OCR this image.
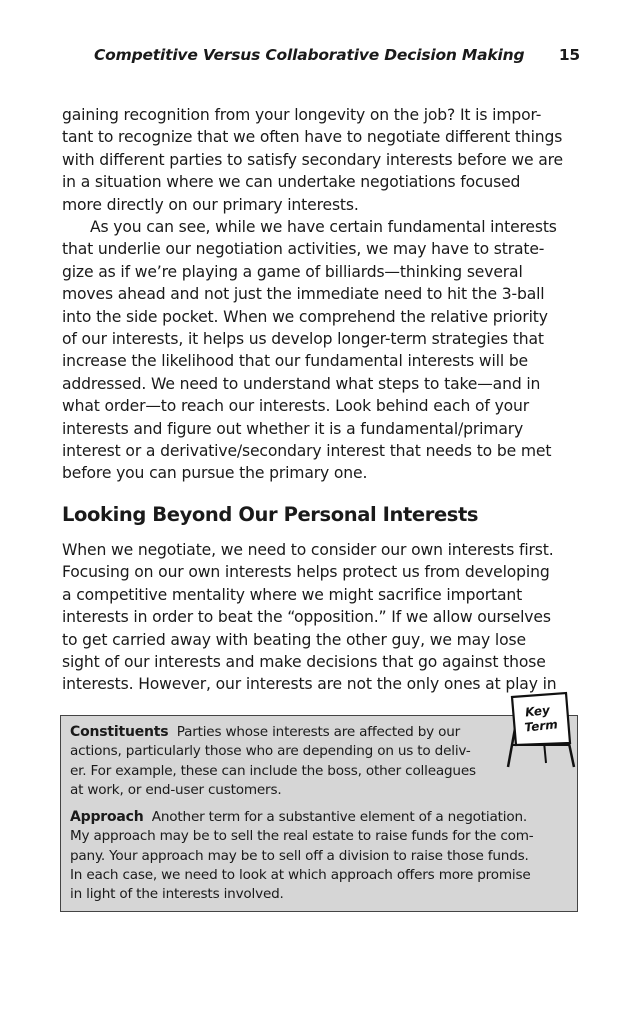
Competitive Versus Collaborative Decision Making 15

gaining recognition from your longevity on the job? It is impor-
tant to recognize that we often have to negotiate different things
with different parties to satisfy secondary interests before we are
in a situation where we can undertake negotiations focused
more directly on our primary interests.

As you can see, while we have certain fundamental interests
that underlie our negotiation activities, we may have to strate-
gize as if we’re playing a game of billiards—thinking several
moves ahead and not just the immediate need to hit the 3-ball
into the side pocket. When we comprehend the relative priority
of our interests, it helps us develop longer-term strategies that
increase the likelihood that our fundamental interests will be
addressed. We need to understand what steps to take—and in
what order—to reach our interests. Look behind each of your
interests and figure out whether it is a fundamental/primary
interest or a derivative/secondary interest that needs to be met
before you can pursue the primary one.

Looking Beyond Our Personal Interests

When we negotiate, we need to consider our own interests first.
Focusing on our own interests helps protect us from developing
a competitive mentality where we might sacrifice important
interests in order to beat the “opposition.” If we allow ourselves
to get carried away with beating the other guy, we may lose
sight of our interests and make decisions that go against those
interests. However, our interests are not the only ones at play in

Constituents Parties whose interests are affected by our
actions, particularly those who are depending on us to deliv-
er. For example, these can include the boss, other colleagues
at work, or end-user customers.

Approach Another term for a substantive element of a negotiation.
My approach may be to sell the real estate to raise funds for the com-
pany. Your approach may be to sell off a division to raise those funds.
In each case, we need to look at which approach offers more promise
in light of the interests involved.

Key Term
